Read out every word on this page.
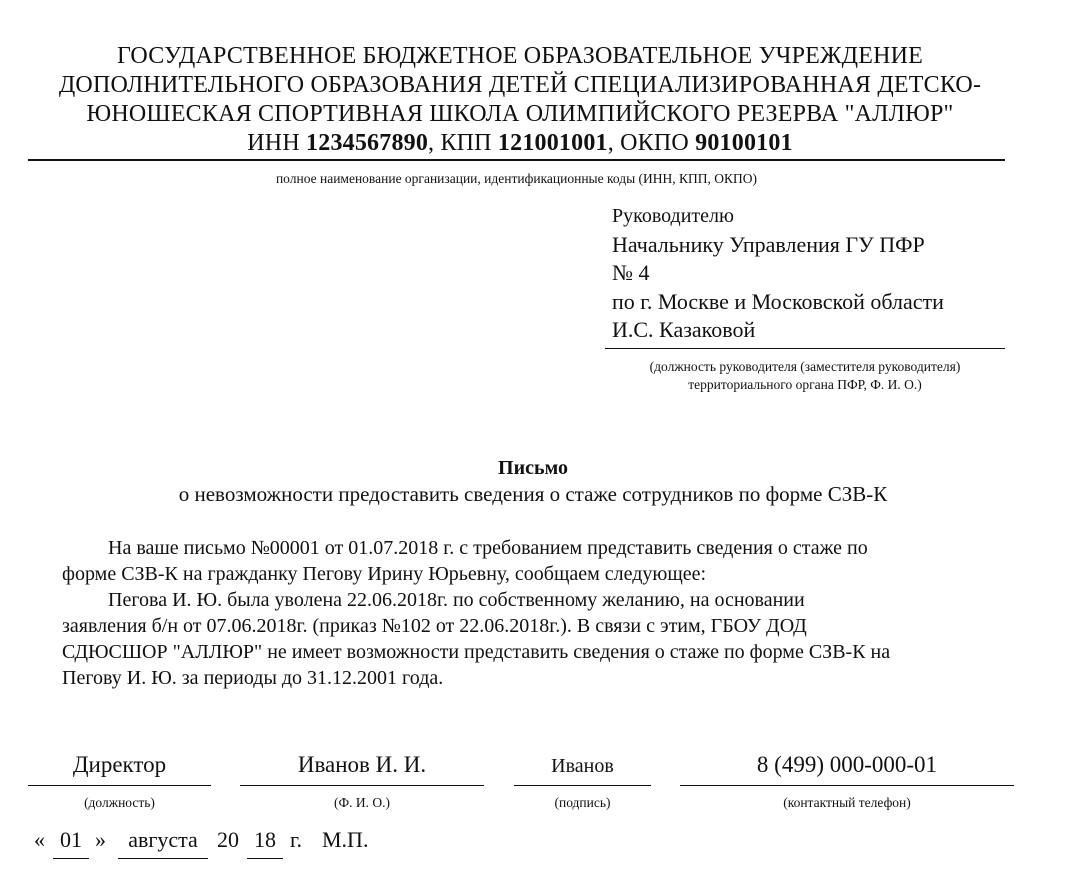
ГОСУДАРСТВЕННОЕ БЮДЖЕТНОЕ ОБРАЗОВАТЕЛЬНОЕ УЧРЕЖДЕНИЕ
ДОПОЛНИТЕЛЬНОГО ОБРАЗОВАНИЯ ДЕТЕЙ СПЕЦИАЛИЗИРОВАННАЯ ДЕТСКО-
ЮНОШЕСКАЯ СПОРТИВНАЯ ШКОЛА ОЛИМПИЙСКОГО РЕЗЕРВА "АЛЛЮР"
ИНН 1234567890, КПП 121001001, ОКПО 90100101
полное наименование организации, идентификационные коды (ИНН, КПП, ОКПО)
Руководителю
Начальнику Управления ГУ ПФР
№ 4
по г. Москве и Московской области
И.С. Казаковой
(должность руководителя (заместителя руководителя)
территориального органа ПФР, Ф. И. О.)
Письмо
о невозможности предоставить сведения о стаже сотрудников по форме СЗВ-К
На ваше письмо №00001 от 01.07.2018 г. с требованием представить сведения о стаже по
форме СЗВ-К на гражданку Пегову Ирину Юрьевну, сообщаем следующее:
Пегова И. Ю. была уволена 22.06.2018г. по собственному желанию, на основании
заявления б/н от 07.06.2018г. (приказ №102 от 22.06.2018г.). В связи с этим, ГБОУ ДОД
СДЮСШОР "АЛЛЮР" не имеет возможности представить сведения о стаже по форме СЗВ-К на
Пегову И. Ю. за периоды до 31.12.2001 года.
Директор
(должность)
Иванов И. И.
(Ф. И. О.)
Иванов
(подпись)
8 (499) 000-000-01
(контактный телефон)
« 01 »	августа 20 18 г. М.П.
